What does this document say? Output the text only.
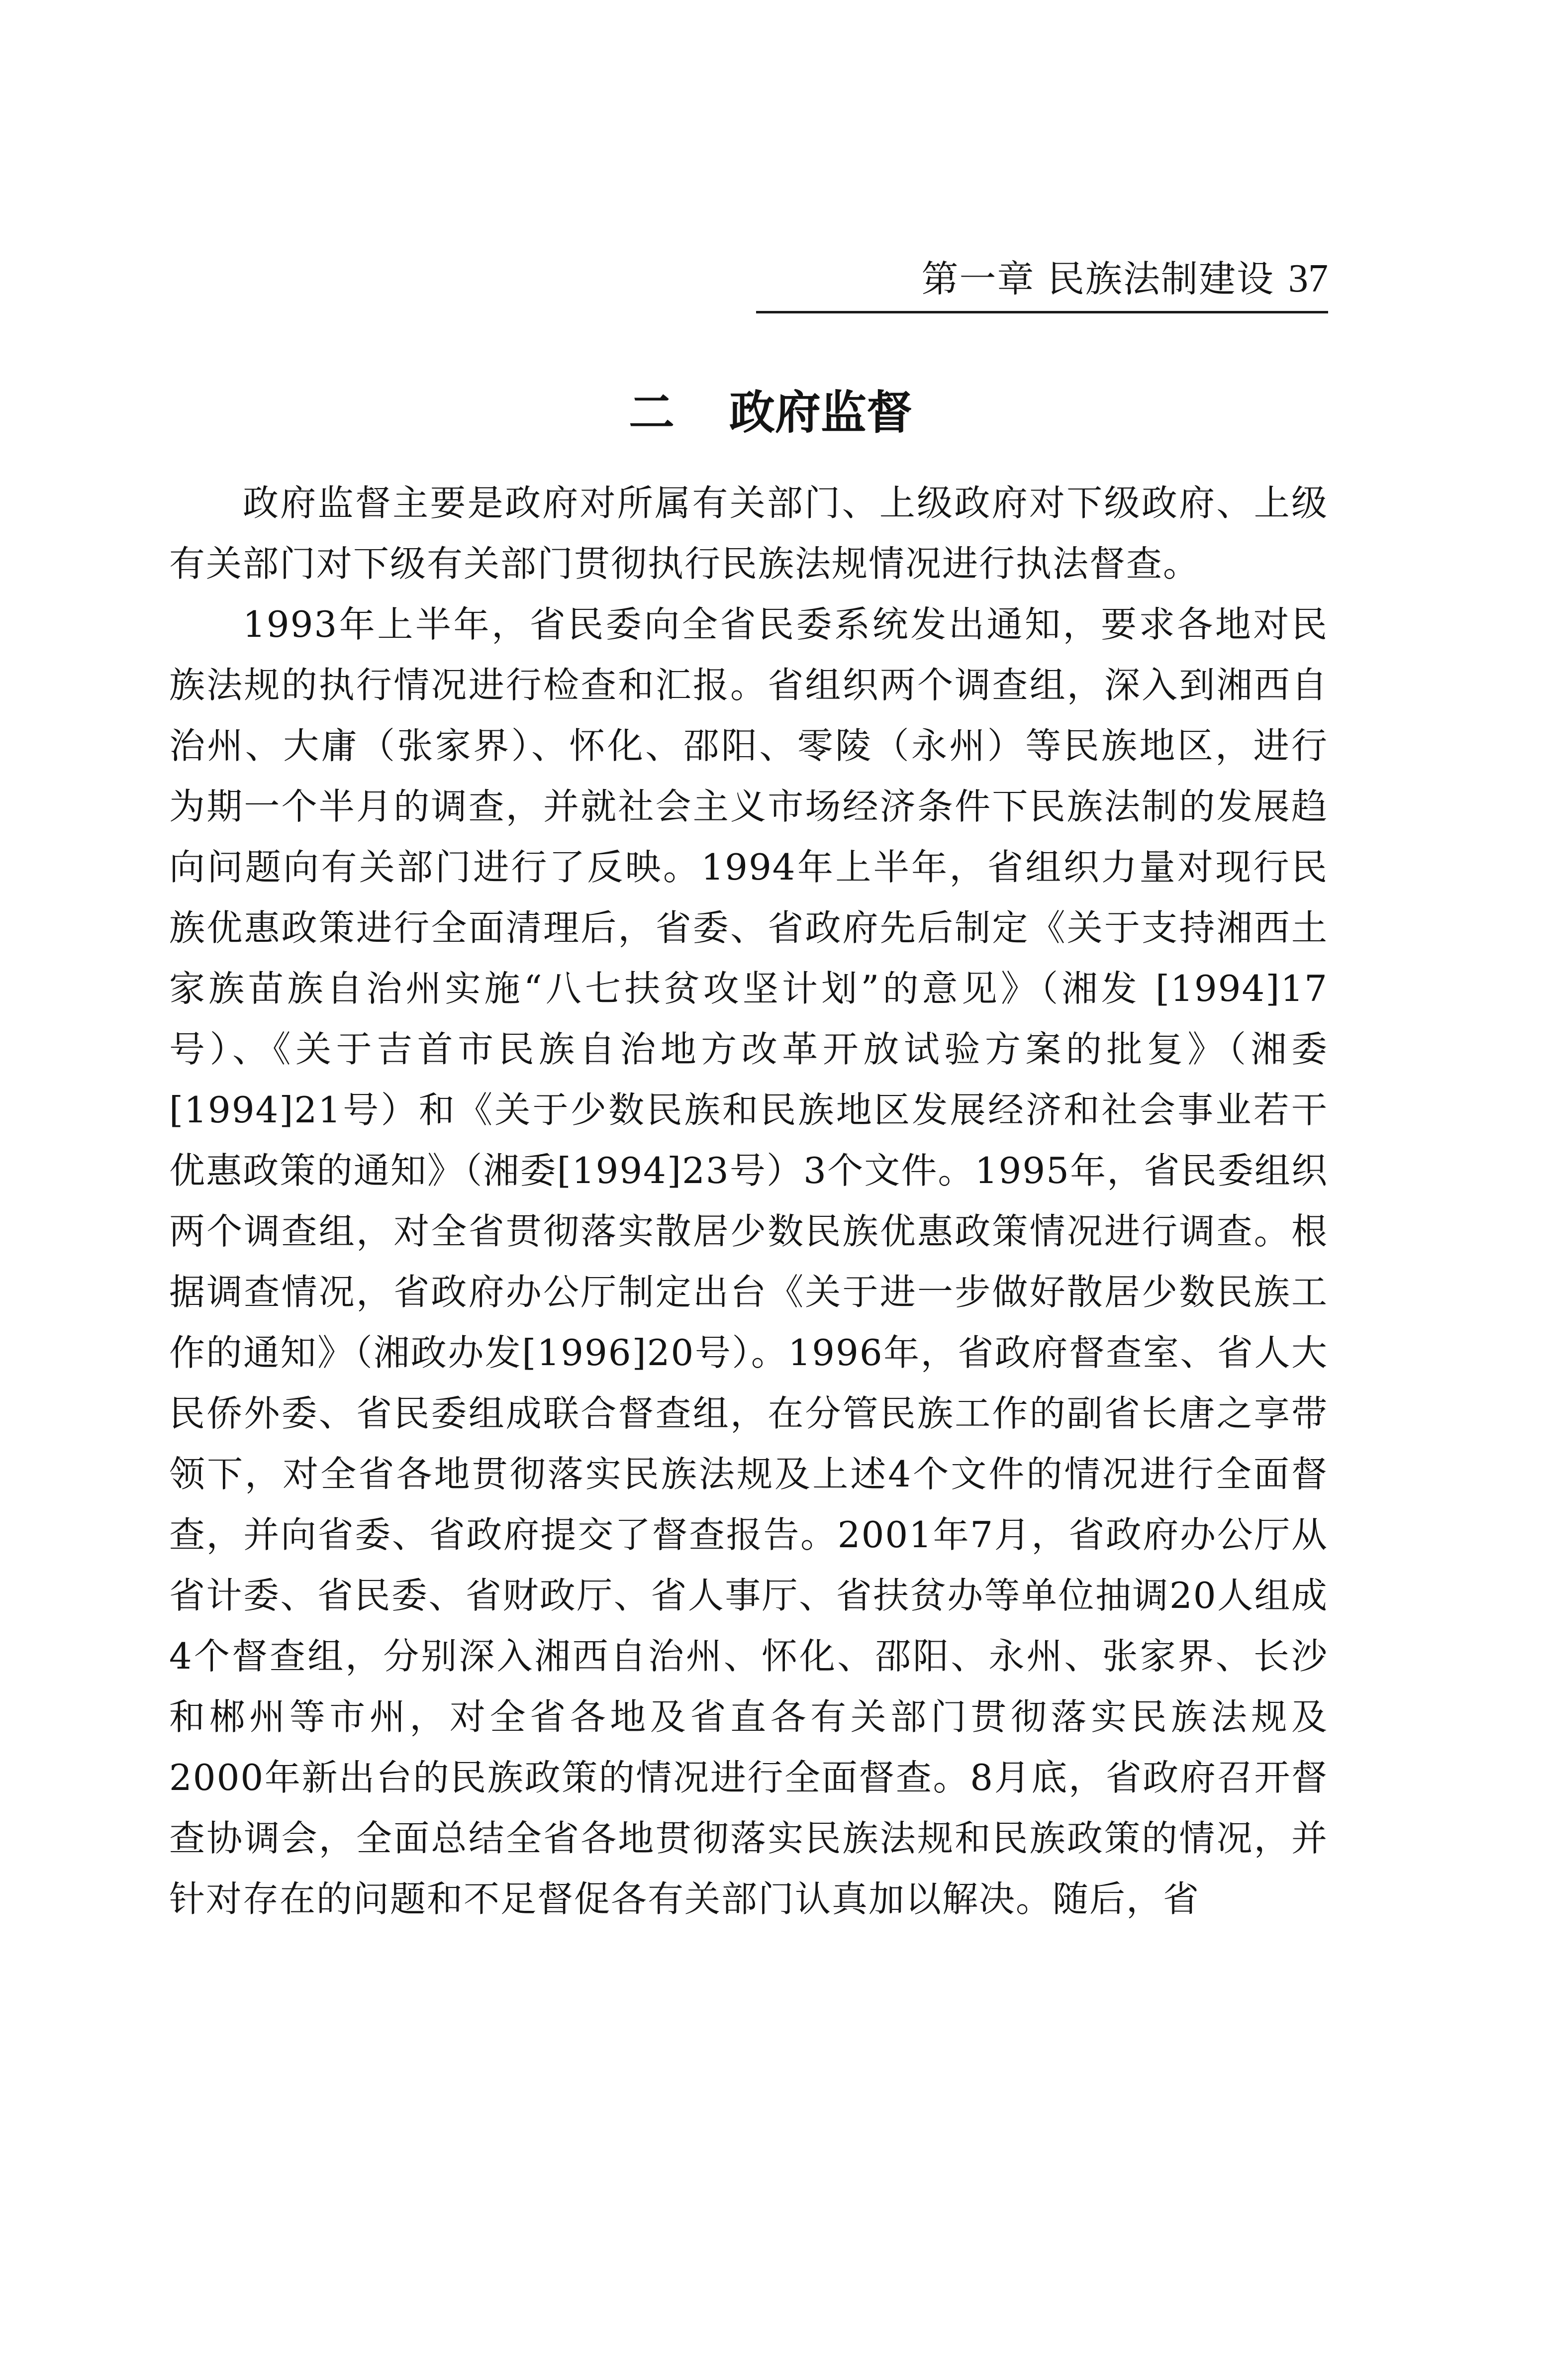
第一章 民族法制建设 37
二 政府监督

政府监督主要是政府对所属有关部门、上级政府对下级政府、上级有关部门对下级有关部门贯彻执行民族法规情况进行执法督查。

1993年上半年，省民委向全省民委系统发出通知，要求各地对民族法规的执行情况进行检查和汇报。省组织两个调查组，深入到湘西自治州、大庸（张家界）、怀化、邵阳、零陵（永州）等民族地区，进行为期一个半月的调查，并就社会主义市场经济条件下民族法制的发展趋向问题向有关部门进行了反映。1994年上半年，省组织力量对现行民族优惠政策进行全面清理后，省委、省政府先后制定《关于支持湘西土家族苗族自治州实施“八七扶贫攻坚计划”的意见》（湘发 [1994]17号）、《关于吉首市民族自治地方改革开放试验方案的批复》（湘委[1994]21号）和《关于少数民族和民族地区发展经济和社会事业若干优惠政策的通知》（湘委[1994]23号）3个文件。1995年，省民委组织两个调查组，对全省贯彻落实散居少数民族优惠政策情况进行调查。根据调查情况，省政府办公厅制定出台《关于进一步做好散居少数民族工作的通知》（湘政办发[1996]20号）。1996年，省政府督查室、省人大民侨外委、省民委组成联合督查组，在分管民族工作的副省长唐之享带领下，对全省各地贯彻落实民族法规及上述4个文件的情况进行全面督查，并向省委、省政府提交了督查报告。2001年7月，省政府办公厅从省计委、省民委、省财政厅、省人事厅、省扶贫办等单位抽调20人组成4个督查组，分别深入湘西自治州、怀化、邵阳、永州、张家界、长沙和郴州等市州，对全省各地及省直各有关部门贯彻落实民族法规及2000年新出台的民族政策的情况进行全面督查。8月底，省政府召开督查协调会，全面总结全省各地贯彻落实民族法规和民族政策的情况，并针对存在的问题和不足督促各有关部门认真加以解决。随后，省
